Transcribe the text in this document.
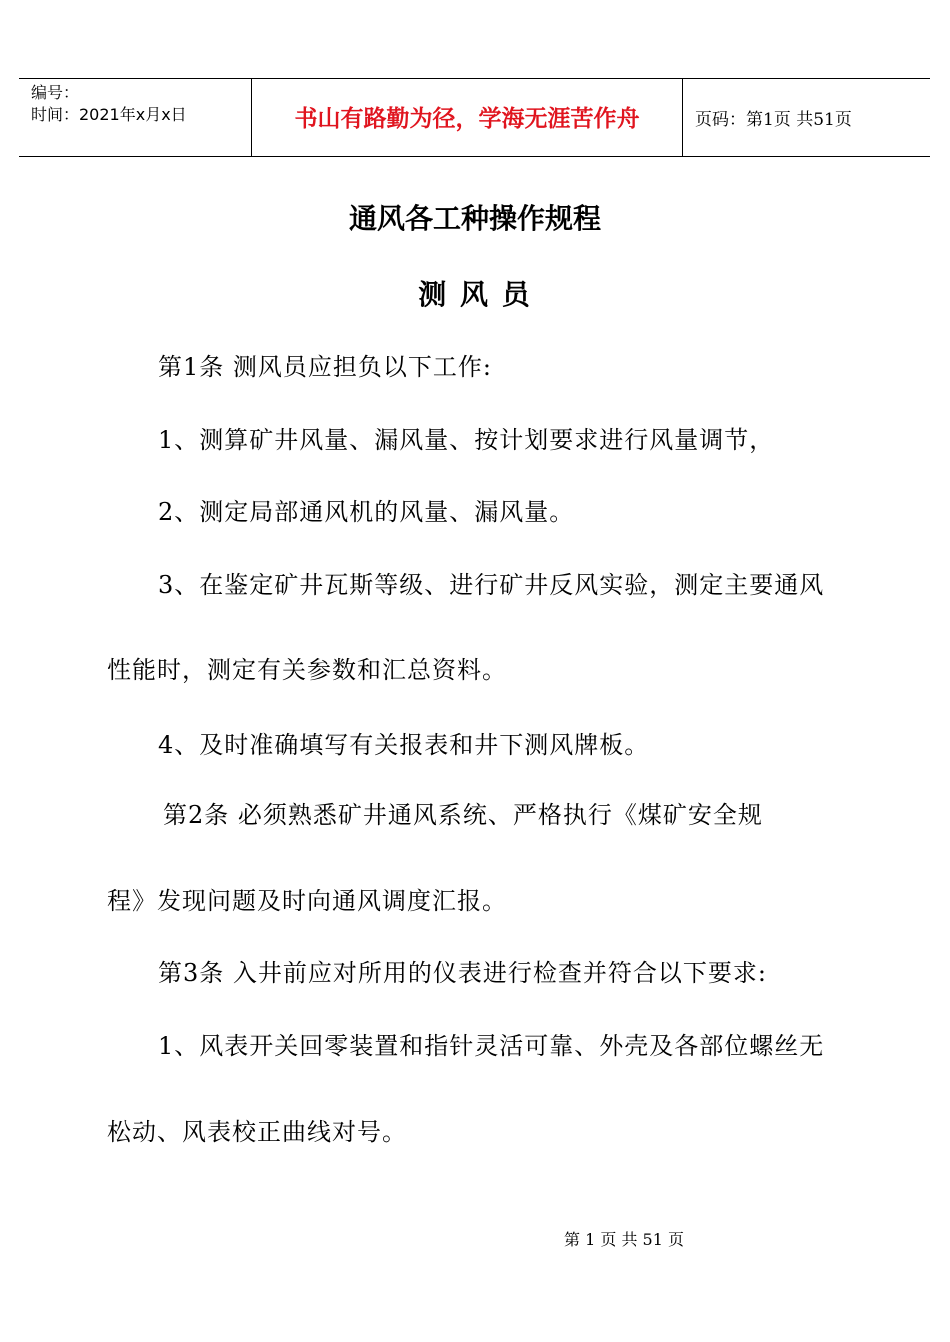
编号：
时间：2021年x月x日	书山有路勤为径，学海无涯苦作舟	页码：第1页 共51页
通风各工种操作规程
测 风 员
第1条 测风员应担负以下工作:
1、测算矿井风量、漏风量、按计划要求进行风量调节，
2、测定局部通风机的风量、漏风量。
3、在鉴定矿井瓦斯等级、进行矿井反风实验，测定主要通风
性能时，测定有关参数和汇总资料。
4、及时准确填写有关报表和井下测风牌板。
第2条 必须熟悉矿井通风系统、严格执行《煤矿安全规
程》发现问题及时向通风调度汇报。
第3条 入井前应对所用的仪表进行检查并符合以下要求:
1、风表开关回零装置和指针灵活可靠、外壳及各部位螺丝无
松动、风表校正曲线对号。
第 1 页 共 51 页
